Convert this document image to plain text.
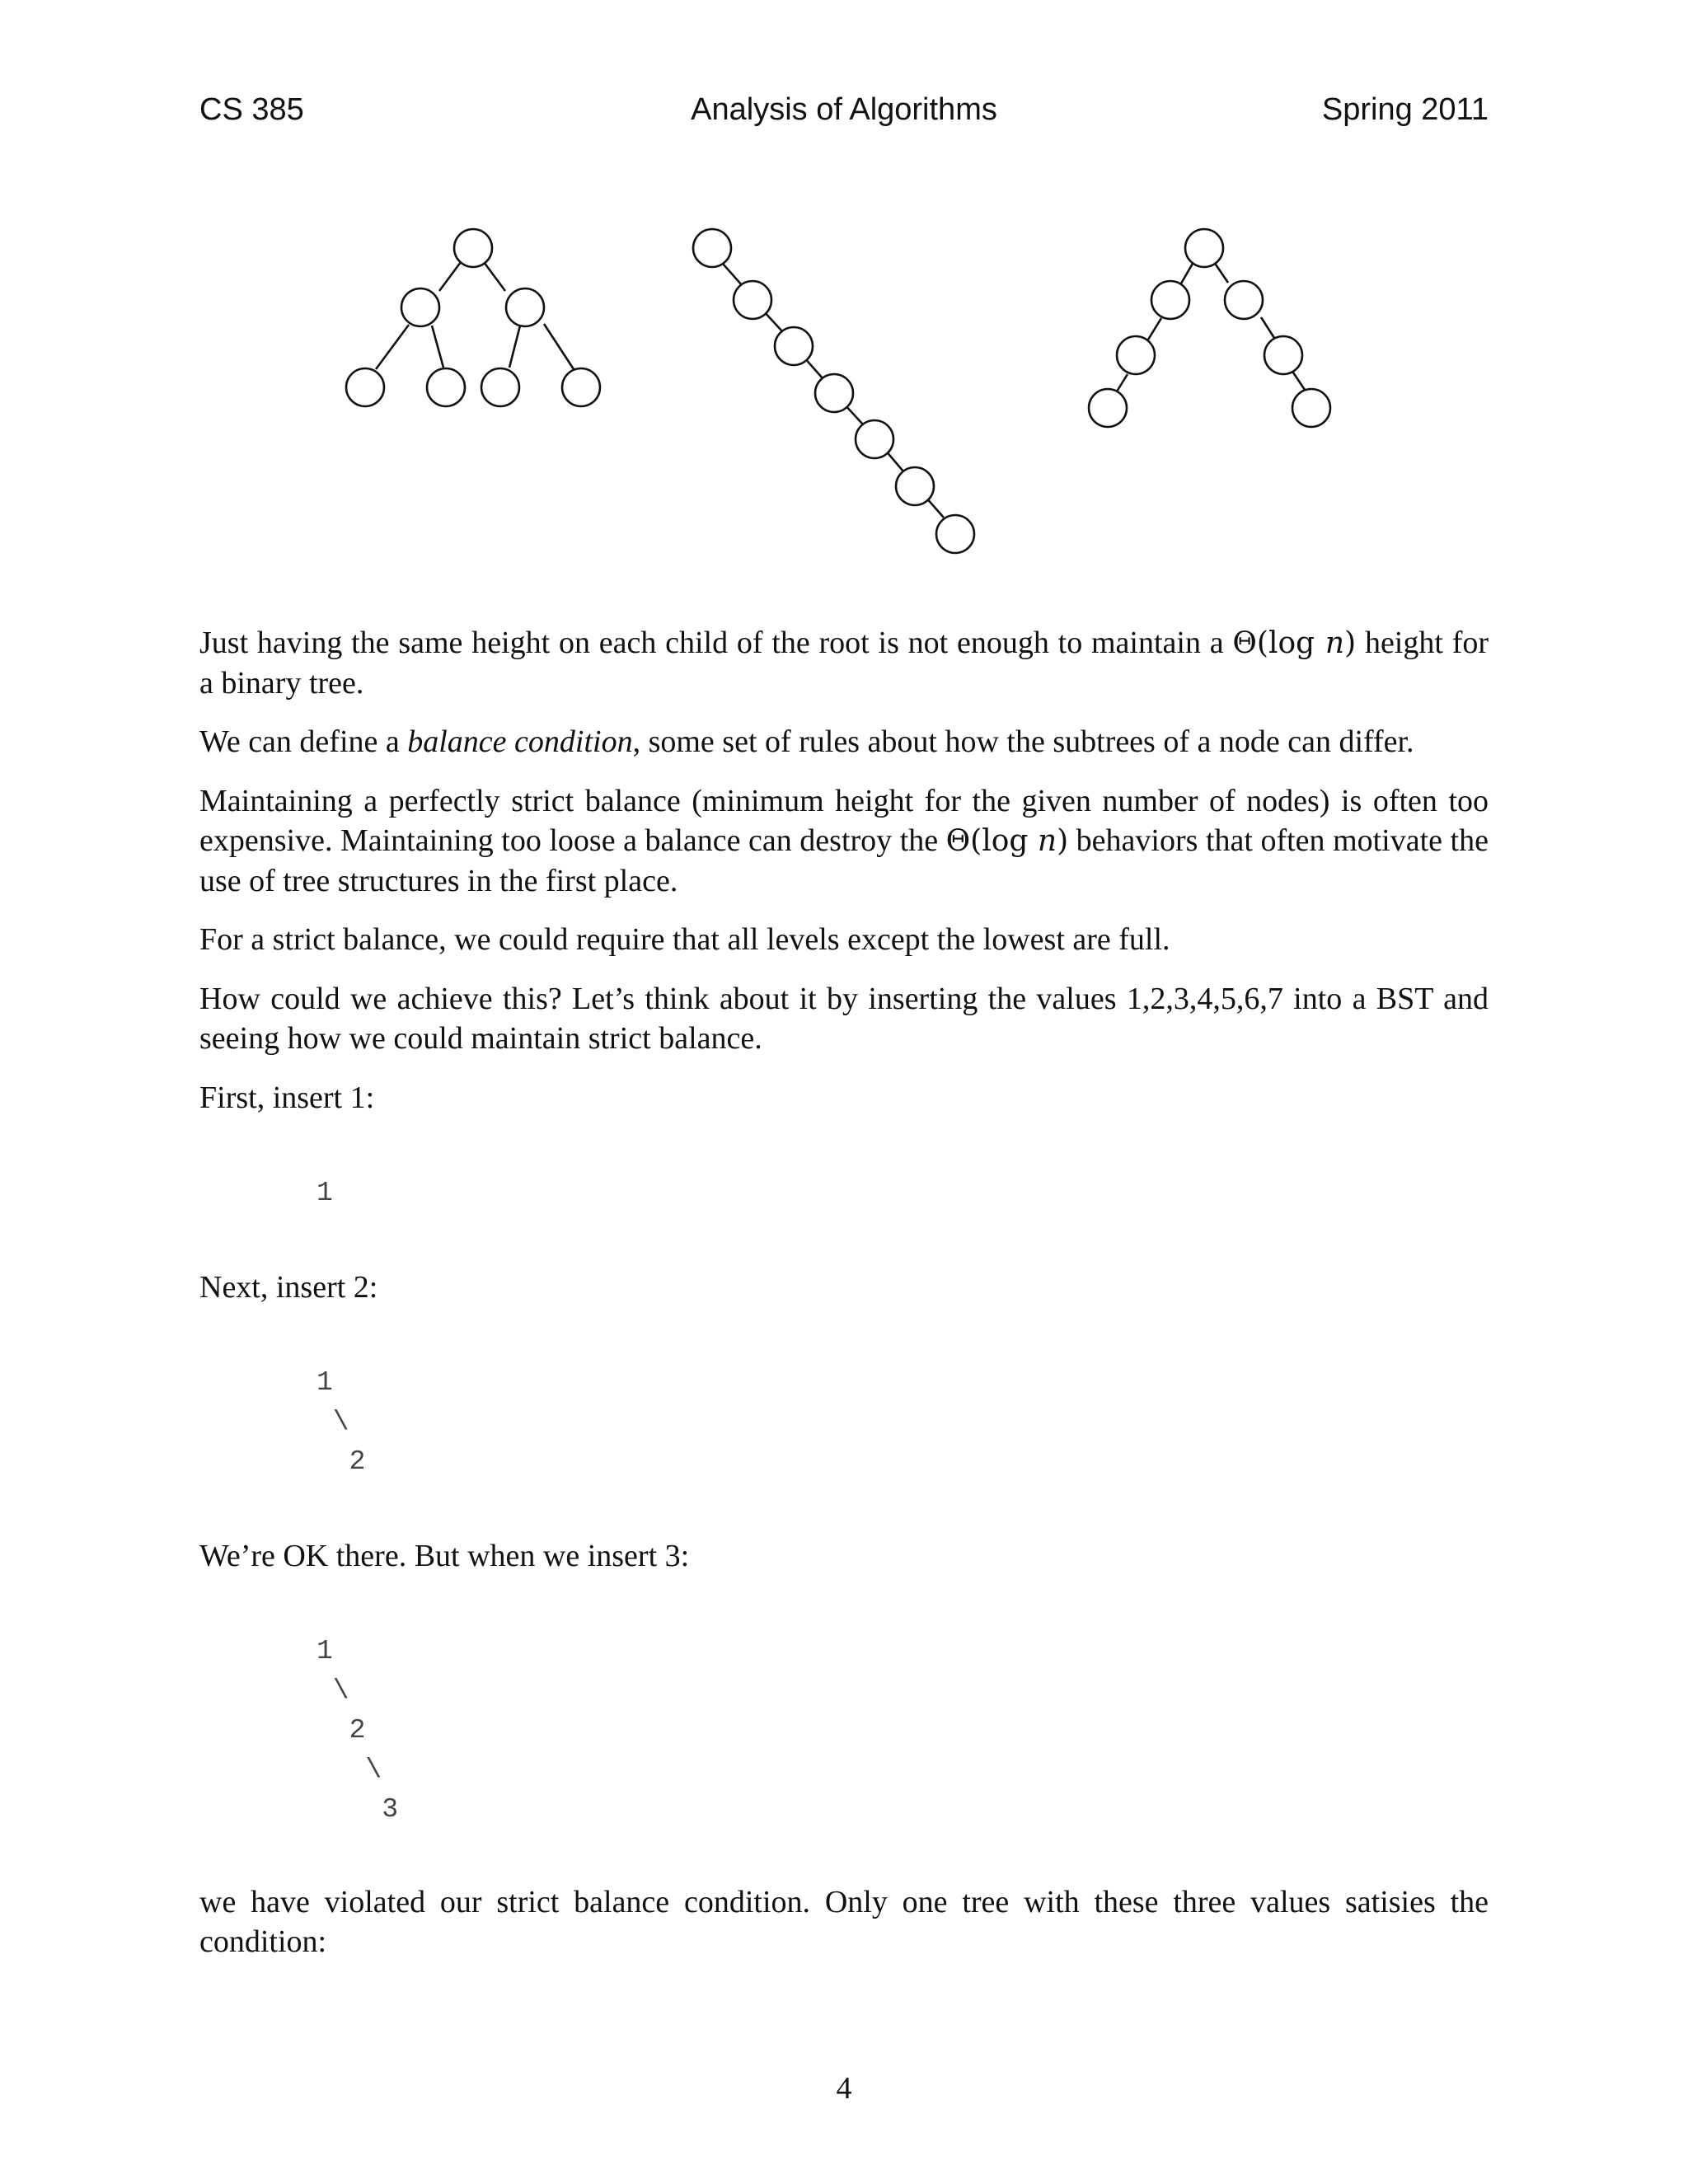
CS 385	Analysis of Algorithms	Spring 2011

Just having the same height on each child of the root is not enough to maintain a Θ(log n) height for a binary tree.

We can define a balance condition, some set of rules about how the subtrees of a node can differ.

Maintaining a perfectly strict balance (minimum height for the given number of nodes) is often too expensive. Maintaining too loose a balance can destroy the Θ(log n) behaviors that often motivate the use of tree structures in the first place.

For a strict balance, we could require that all levels except the lowest are full.

How could we achieve this? Let’s think about it by inserting the values 1,2,3,4,5,6,7 into a BST and seeing how we could maintain strict balance.

First, insert 1:

1

Next, insert 2:

1
\
2

We’re OK there. But when we insert 3:

1
\
2
\
3

we have violated our strict balance condition. Only one tree with these three values satisies the condition:

4
